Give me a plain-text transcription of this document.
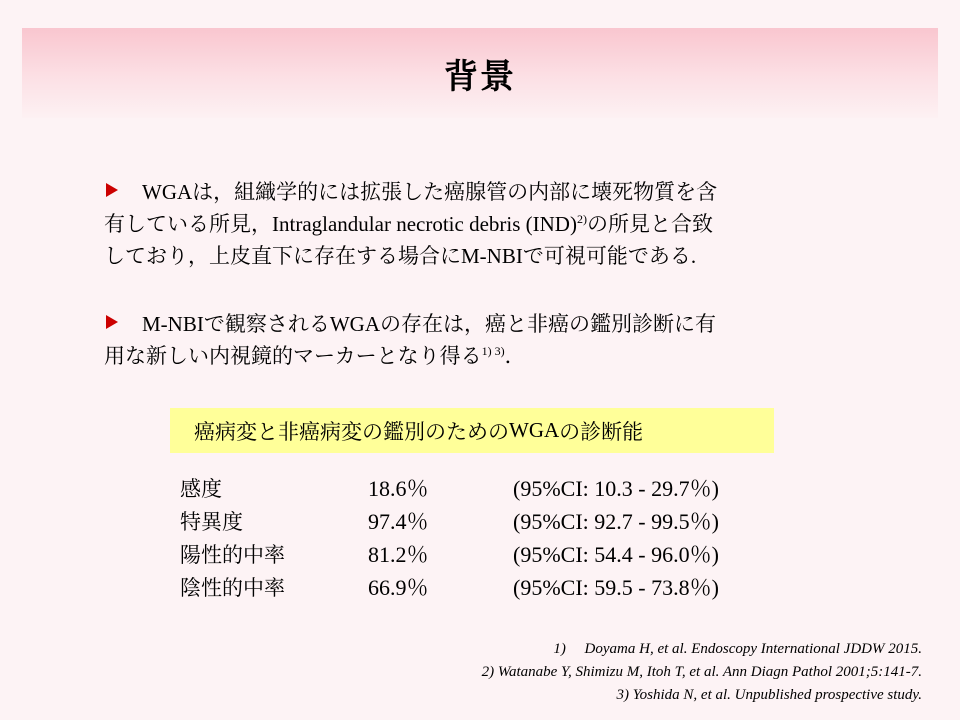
背景
WGAは，組織学的には拡張した癌腺管の内部に壊死物質を含
有している所見，Intraglandular necrotic debris (IND)$^{2)}$の所見と合致
しており，上皮直下に存在する場合にM-NBIで可視可能である.
M-NBIで観察されるWGAの存在は，癌と非癌の鑑別診断に有
用な新しい内視鏡的マーカーとなり得る$^{1) 3)}$．
癌病変と非癌病変の鑑別のための WGA の診断能
感度	18.6％	(95%CI: 10.3 - 29.7％)
特異度	97.4％	(95%CI: 92.7 - 99.5％)
陽性的中率	81.2％	(95%CI: 54.4 - 96.0％)
陰性的中率	66.9％	(95%CI: 59.5 - 73.8％)
1)　 Doyama H, et al. Endoscopy International JDDW 2015.
2) Watanabe Y, Shimizu M, Itoh T, et al. Ann Diagn Pathol 2001;5:141-7.
3) Yoshida N, et al. Unpublished prospective study.
